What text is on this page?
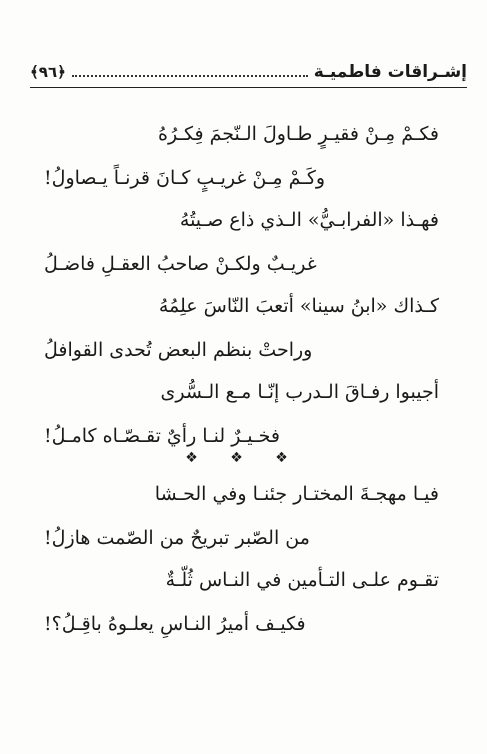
إشـراقات فاطميـة
﴿٩٦﴾
فكـمْ مِـنْ فقيـرٍ طـاولَ الـنّجمَ فِكـرُهُ
وكَـمْ مِـنْ غريـبٍ كـانَ قرنـاً يـصاولُ!
فهـذا «الفرابـيُّ» الـذي ذاع صـيتُهُ
غريـبٌ ولكـنْ صاحبُ العقـلِ فاضـلُ
كـذاك «ابنُ سينا» أتعبَ النّاسَ علِمُهُ
وراحتْ بنظم البعض تُحدى القوافلُ
أجيبوا رفـاقَ الـدرب إنّـا مـع الـسُّرى
فخـيـرٌ لنـا رأيٌ تقـصّـاه كامـلُ!
❖ ❖ ❖
فيـا مهجـةَ المختـار جئنـا وفي الحـشا
من الصّبر تبريحٌ من الصّمت هازلُ!
تقـوم علـى التـأمين في النـاس ثُلّـةٌ
فكيـف أميرُ النـاسِ يعلـوهُ باقِـلُ؟!
